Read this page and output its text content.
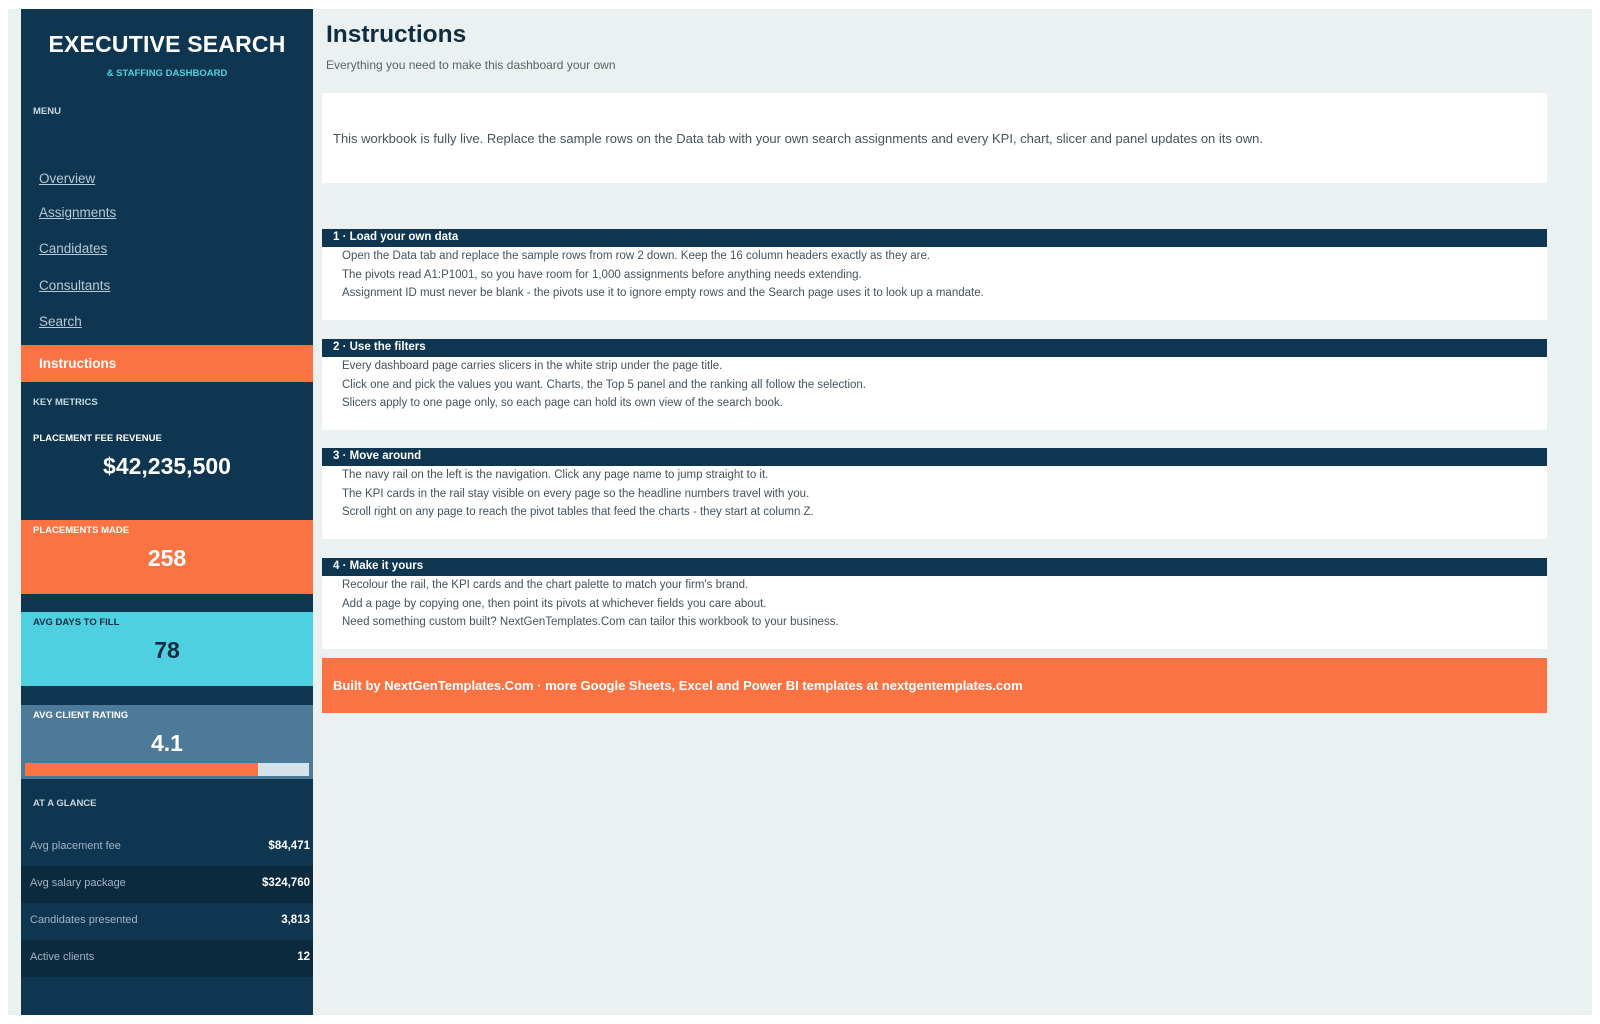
EXECUTIVE SEARCH
& STAFFING DASHBOARD
MENU
Overview
Assignments
Candidates
Consultants
Search
Instructions
KEY METRICS
PLACEMENT FEE REVENUE
$42,235,500
PLACEMENTS MADE
258
AVG DAYS TO FILL
78
AVG CLIENT RATING
4.1
AT A GLANCE
Avg placement fee	$84,471
Avg salary package	$324,760
Candidates presented	3,813
Active clients	12
Instructions
Everything you need to make this dashboard your own
This workbook is fully live. Replace the sample rows on the Data tab with your own search assignments and every KPI, chart, slicer and panel updates on its own.
1 · Load your own data
Open the Data tab and replace the sample rows from row 2 down. Keep the 16 column headers exactly as they are.
The pivots read A1:P1001, so you have room for 1,000 assignments before anything needs extending.
Assignment ID must never be blank - the pivots use it to ignore empty rows and the Search page uses it to look up a mandate.
2 · Use the filters
Every dashboard page carries slicers in the white strip under the page title.
Click one and pick the values you want. Charts, the Top 5 panel and the ranking all follow the selection.
Slicers apply to one page only, so each page can hold its own view of the search book.
3 · Move around
The navy rail on the left is the navigation. Click any page name to jump straight to it.
The KPI cards in the rail stay visible on every page so the headline numbers travel with you.
Scroll right on any page to reach the pivot tables that feed the charts - they start at column Z.
4 · Make it yours
Recolour the rail, the KPI cards and the chart palette to match your firm's brand.
Add a page by copying one, then point its pivots at whichever fields you care about.
Need something custom built? NextGenTemplates.Com can tailor this workbook to your business.
Built by NextGenTemplates.Com · more Google Sheets, Excel and Power BI templates at nextgentemplates.com
